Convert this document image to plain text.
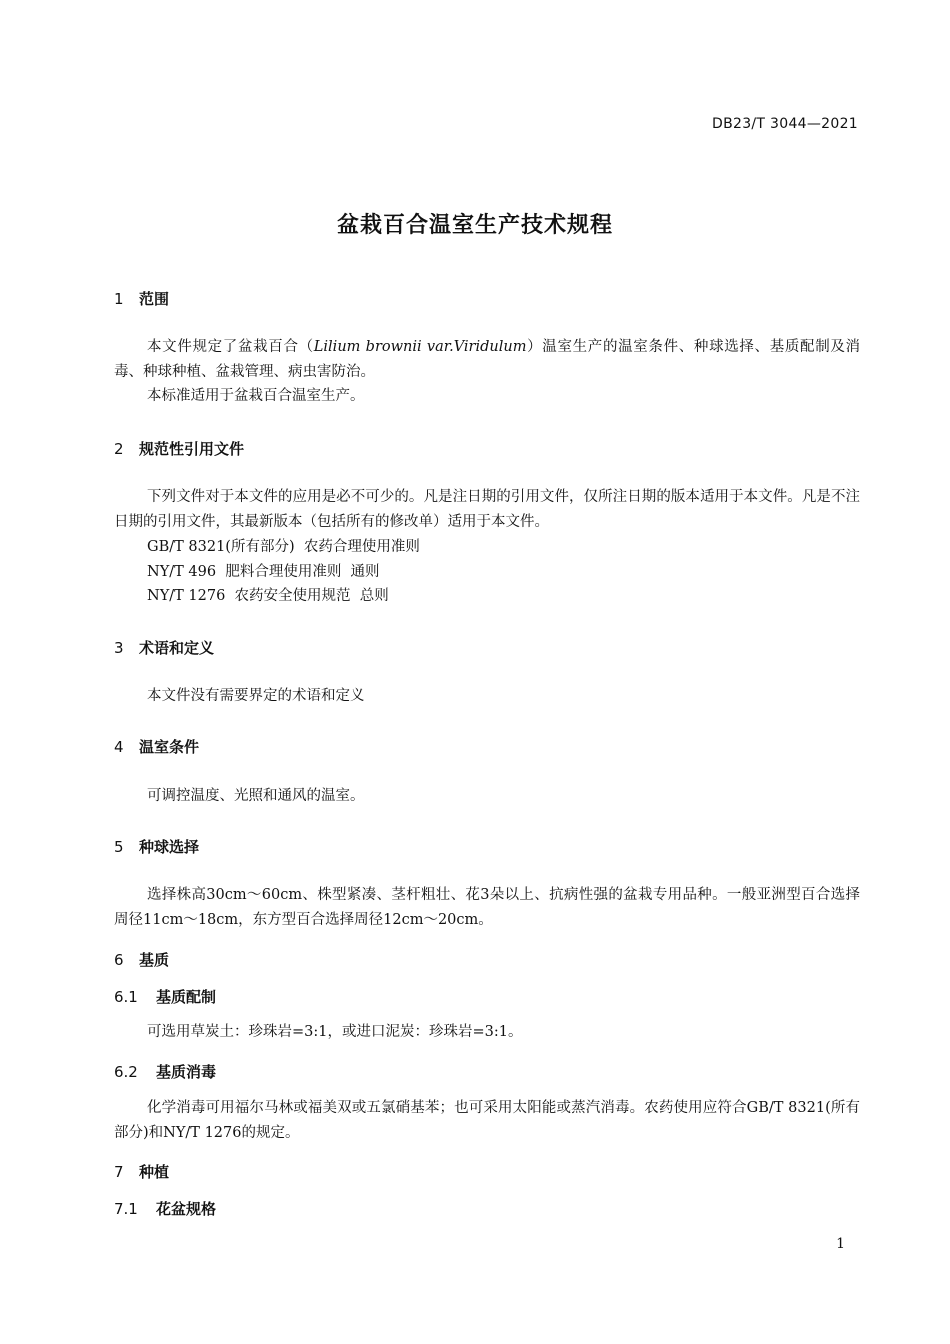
DB23/T 3044—2021
盆栽百合温室生产技术规程
1 范围
本文件规定了盆栽百合（Lilium brownii var.Viridulum）温室生产的温室条件、种球选择、基质配制及消毒、种球种植、盆栽管理、病虫害防治。
本标准适用于盆栽百合温室生产。
2 规范性引用文件
下列文件对于本文件的应用是必不可少的。凡是注日期的引用文件，仅所注日期的版本适用于本文件。凡是不注日期的引用文件，其最新版本（包括所有的修改单）适用于本文件。
GB/T 8321(所有部分)  农药合理使用准则
NY/T 496  肥料合理使用准则  通则
NY/T 1276  农药安全使用规范  总则
3 术语和定义
本文件没有需要界定的术语和定义
4 温室条件
可调控温度、光照和通风的温室。
5 种球选择
选择株高30cm～60cm、株型紧凑、茎杆粗壮、花3朵以上、抗病性强的盆栽专用品种。一般亚洲型百合选择周径11cm～18cm，东方型百合选择周径12cm～20cm。
6 基质
6.1 基质配制
可选用草炭土：珍珠岩=3:1，或进口泥炭：珍珠岩=3:1。
6.2 基质消毒
化学消毒可用福尔马林或福美双或五氯硝基苯；也可采用太阳能或蒸汽消毒。农药使用应符合GB/T 8321(所有部分)和NY/T 1276的规定。
7 种植
7.1 花盆规格
1
